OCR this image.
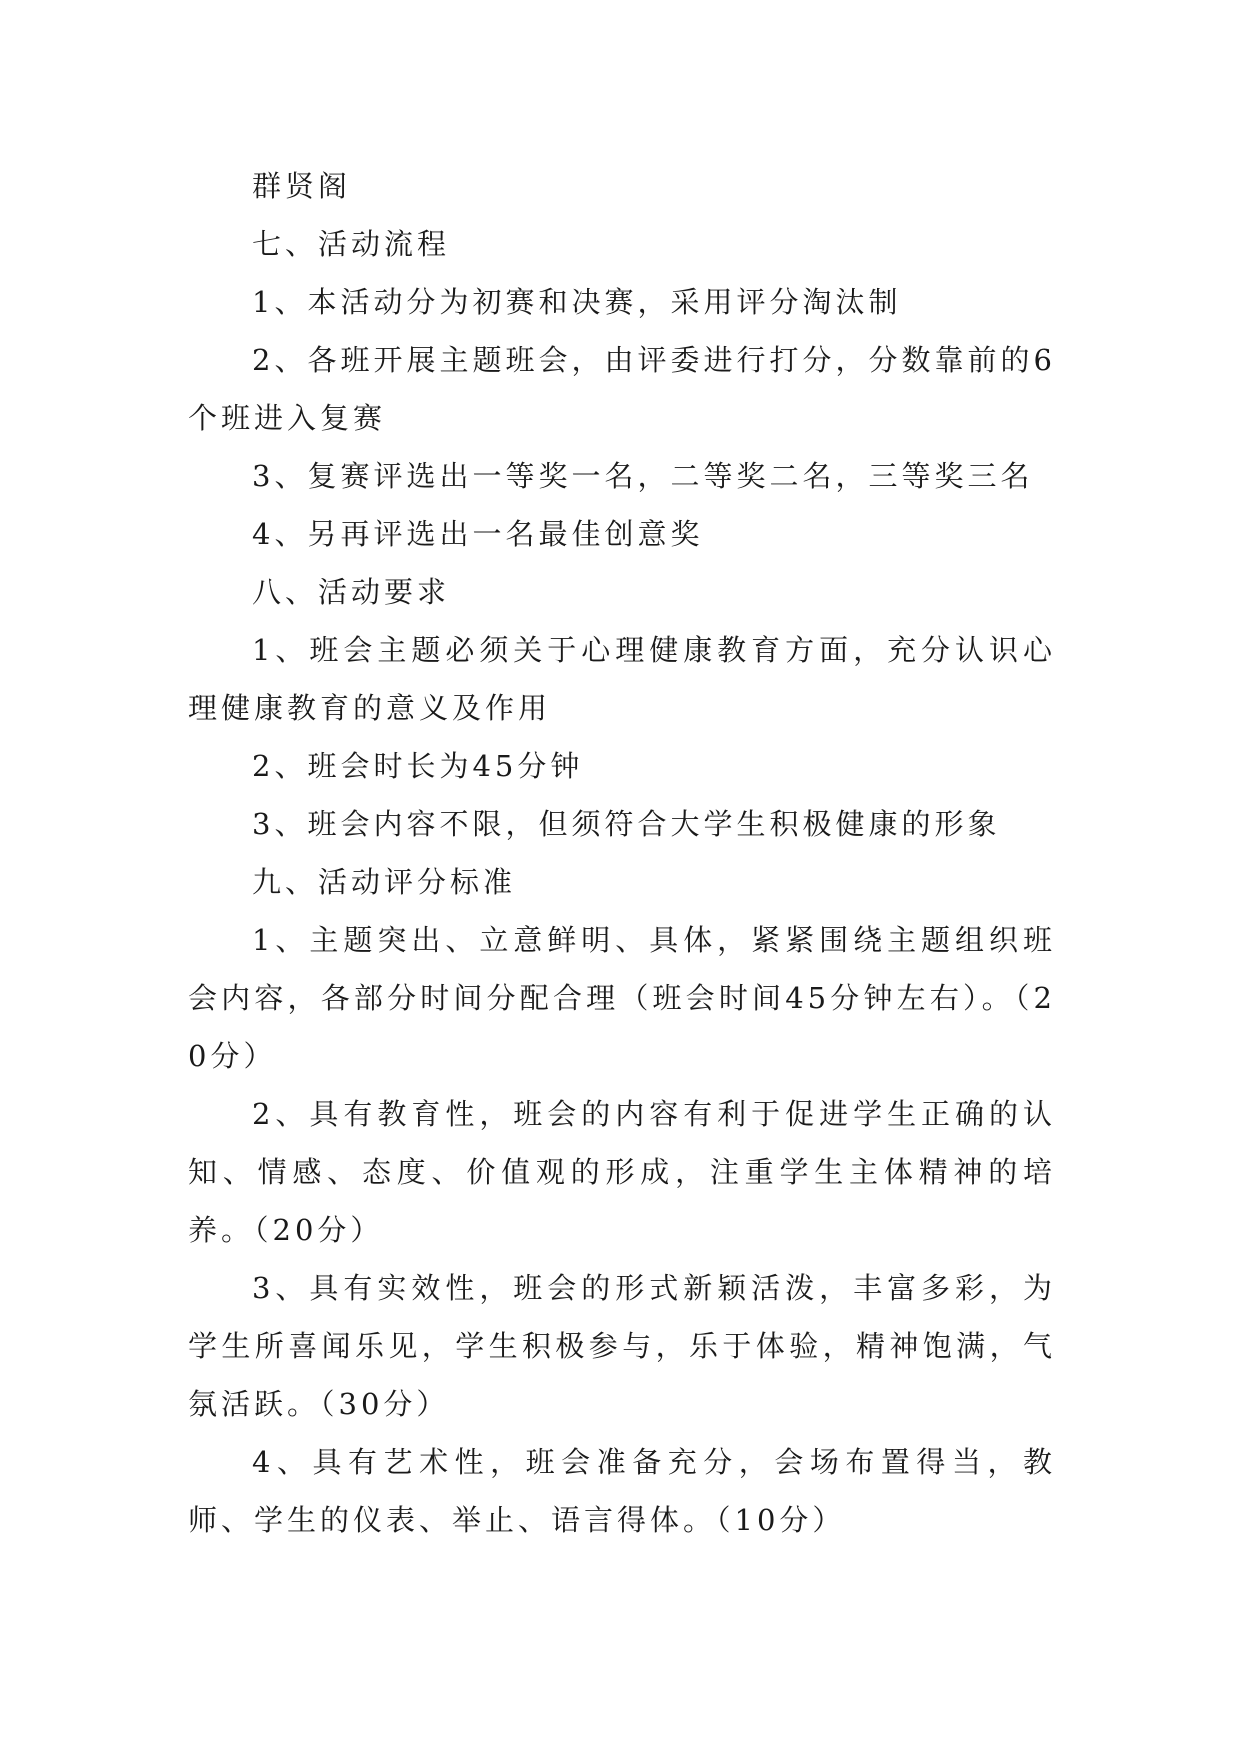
群贤阁

七、活动流程

1、本活动分为初赛和决赛，采用评分淘汰制

2、各班开展主题班会，由评委进行打分，分数靠前的6个班进入复赛

3、复赛评选出一等奖一名，二等奖二名，三等奖三名

4、另再评选出一名最佳创意奖

八、活动要求

1、班会主题必须关于心理健康教育方面，充分认识心理健康教育的意义及作用

2、班会时长为45分钟

3、班会内容不限，但须符合大学生积极健康的形象

九、活动评分标准

1、主题突出、立意鲜明、具体，紧紧围绕主题组织班会内容，各部分时间分配合理（班会时间45分钟左右）。（20分）

2、具有教育性，班会的内容有利于促进学生正确的认知、情感、态度、价值观的形成，注重学生主体精神的培养。（20分）

3、具有实效性，班会的形式新颖活泼，丰富多彩，为学生所喜闻乐见，学生积极参与，乐于体验，精神饱满，气氛活跃。（30分）

4、具有艺术性，班会准备充分，会场布置得当，教师、学生的仪表、举止、语言得体。（10分）
